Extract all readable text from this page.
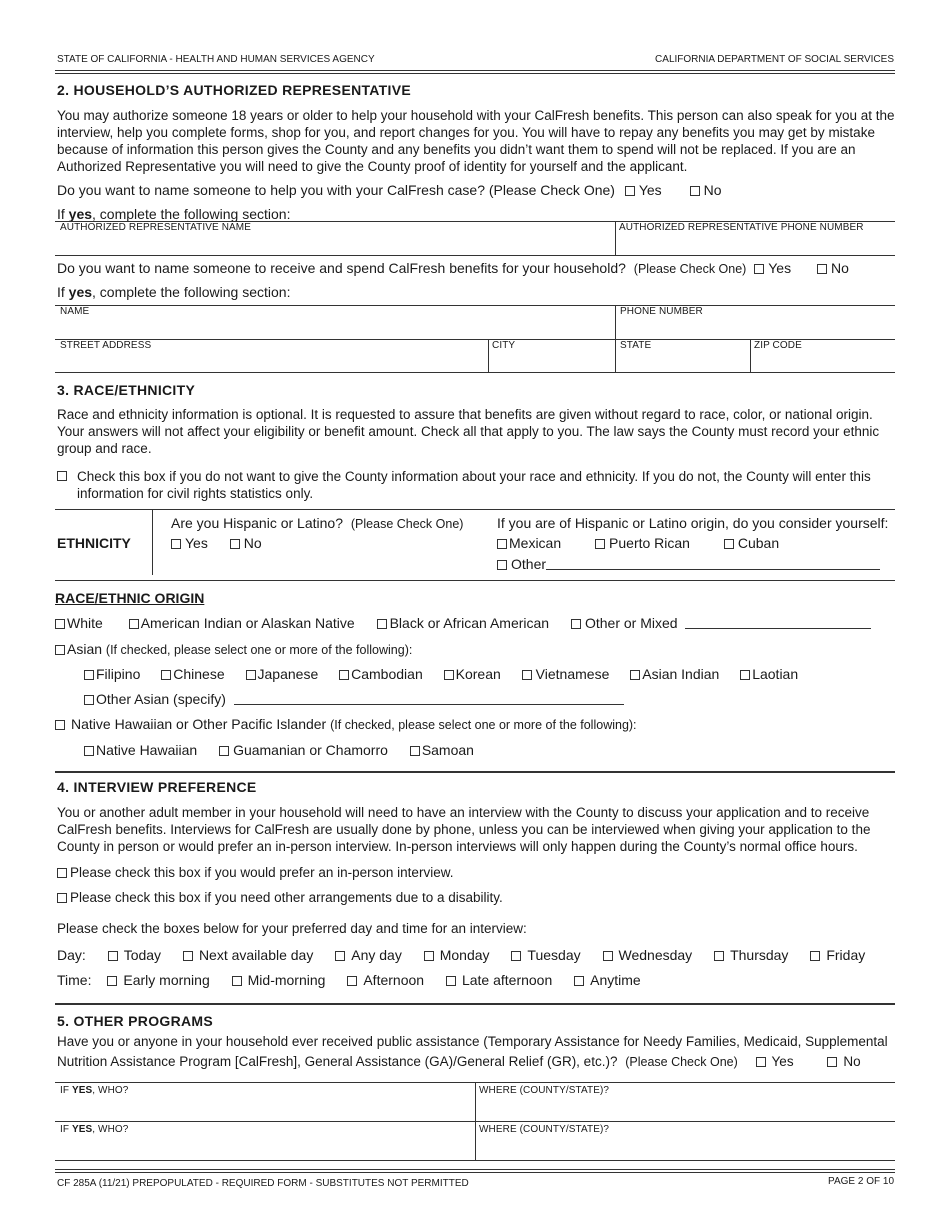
STATE OF CALIFORNIA - HEALTH AND HUMAN SERVICES AGENCY	CALIFORNIA DEPARTMENT OF SOCIAL SERVICES
2. HOUSEHOLD’S AUTHORIZED REPRESENTATIVE
You may authorize someone 18 years or older to help your household with your CalFresh benefits. This person can also speak for you at the interview, help you complete forms, shop for you, and report changes for you. You will have to repay any benefits you may get by mistake because of information this person gives the County and any benefits you didn’t want them to spend will not be replaced. If you are an Authorized Representative you will need to give the County proof of identity for yourself and the applicant.
Do you want to name someone to help you with your CalFresh case? (Please Check One) Yes	No
If yes, complete the following section:
AUTHORIZED REPRESENTATIVE NAME	AUTHORIZED REPRESENTATIVE PHONE NUMBER
Do you want to name someone to receive and spend CalFresh benefits for your household? (Please Check One) Yes	No
If yes, complete the following section:
NAME	PHONE NUMBER
STREET ADDRESS	CITY	STATE	ZIP CODE
3. RACE/ETHNICITY
Race and ethnicity information is optional. It is requested to assure that benefits are given without regard to race, color, or national origin. Your answers will not affect your eligibility or benefit amount. Check all that apply to you. The law says the County must record your ethnic group and race.
Check this box if you do not want to give the County information about your race and ethnicity. If you do not, the County will enter this information for civil rights statistics only.
ETHNICITY
Are you Hispanic or Latino? (Please Check One)
Yes	No
If you are of Hispanic or Latino origin, do you consider yourself:
Mexican	Puerto Rican	Cuban
Other
RACE/ETHNIC ORIGIN
White	American Indian or Alaskan Native Black or African American	Other or Mixed
Asian (If checked, please select one or more of the following):
Filipino Chinese Japanese Cambodian Korean Vietnamese Asian Indian Laotian
Other Asian (specify)
Native Hawaiian or Other Pacific Islander (If checked, please select one or more of the following):
Native Hawaiian	Guamanian or Chamorro Samoan
4. INTERVIEW PREFERENCE
You or another adult member in your household will need to have an interview with the County to discuss your application and to receive CalFresh benefits. Interviews for CalFresh are usually done by phone, unless you can be interviewed when giving your application to the County in person or would prefer an in-person interview. In-person interviews will only happen during the County’s normal office hours.
Please check this box if you would prefer an in-person interview.
Please check this box if you need other arrangements due to a disability.
Please check the boxes below for your preferred day and time for an interview:
Day:	Today	Next available day	Any day	Monday	Tuesday	Wednesday	Thursday	Friday
Time: Early morning	Mid-morning	Afternoon	Late afternoon	Anytime
5. OTHER PROGRAMS
Have you or anyone in your household ever received public assistance (Temporary Assistance for Needy Families, Medicaid, Supplemental
Nutrition Assistance Program [CalFresh], General Assistance (GA)/General Relief (GR), etc.)? (Please Check One)	Yes	No
IF YES, WHO?	WHERE (COUNTY/STATE)?
IF YES, WHO?	WHERE (COUNTY/STATE)?
CF 285A (11/21) PREPOPULATED - REQUIRED FORM - SUBSTITUTES NOT PERMITTED	PAGE 2 OF 10
